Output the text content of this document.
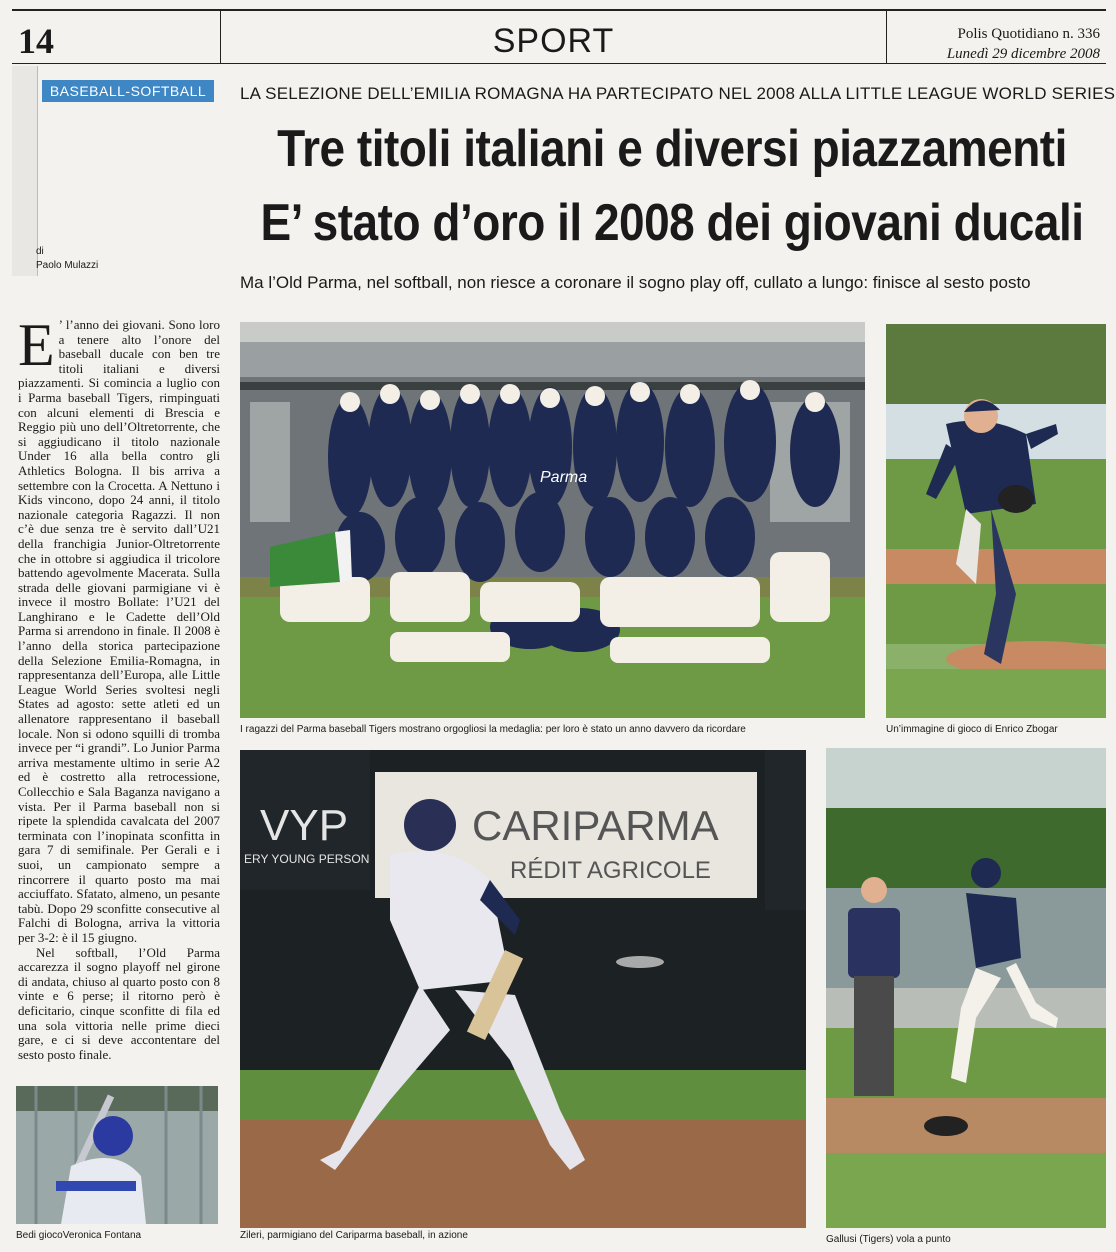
14	SPORT	Polis Quotidiano n. 336
Lunedì 29 dicembre 2008
BASEBALL-SOFTBALL
di
Paolo Mulazzi
LA SELEZIONE DELL’EMILIA ROMAGNA HA PARTECIPATO NEL 2008 ALLA LITTLE LEAGUE WORLD SERIES
Tre titoli italiani e diversi piazzamenti
E’ stato d’oro il 2008 dei giovani ducali
Ma l’Old Parma, nel softball, non riesce a coronare il sogno play off, cullato a lungo: finisce al sesto posto

E ’ l’anno dei giovani. Sono loro a tenere alto l’onore del baseball ducale con ben tre titoli italiani e diversi piazzamenti. Si comincia a luglio con i Parma baseball Tigers, rimpinguati con alcuni elementi di Brescia e Reggio più uno dell’Oltretorrente, che si aggiudicano il titolo nazionale Under 16 alla bella contro gli Athletics Bologna. Il bis arriva a settembre con la Crocetta. A Nettuno i Kids vincono, dopo 24 anni, il titolo nazionale categoria Ragazzi. Il non c’è due senza tre è servito dall’U21 della franchigia Junior-Oltretorrente che in ottobre si aggiudica il tricolore battendo agevolmente Macerata. Sulla strada delle giovani parmigiane vi è invece il mostro Bollate: l’U21 del Langhirano e le Cadette dell’Old Parma si arrendono in finale. Il 2008 è l’anno della storica partecipazione della Selezione Emilia-Romagna, in rappresentanza dell’Europa, alle Little League World Series svoltesi negli States ad agosto: sette atleti ed un allenatore rappresentano il baseball locale. Non si odono squilli di tromba invece per “i grandi”. Lo Junior Parma arriva mestamente ultimo in serie A2 ed è costretto alla retrocessione, Collecchio e Sala Baganza navigano a vista. Per il Parma baseball non si ripete la splendida cavalcata del 2007 terminata con l’inopinata sconfitta in gara 7 di semifinale. Per Gerali e i suoi, un campionato sempre a rincorrere il quarto posto ma mai acciuffato. Sfatato, almeno, un pesante tabù. Dopo 29 sconfitte consecutive al Falchi di Bologna, arriva la vittoria per 3-2: è il 15 giugno.

Nel softball, l’Old Parma accarezza il sogno playoff nel girone di andata, chiuso al quarto posto con 8 vinte e 6 perse; il ritorno però è deficitario, cinque sconfitte di fila ed una sola vittoria nelle prime dieci gare, e ci si deve accontentare del sesto posto finale.

Parma
I ragazzi del Parma baseball Tigers mostrano orgogliosi la medaglia: per loro è stato un anno davvero da ricordare	Un’immagine di gioco di Enrico Zbogar
VYP
ERY YOUNG PERSON
CARIPARMA
RÉDIT AGRICOLE
Zileri, parmigiano del Cariparma baseball, in azione	Gallusi (Tigers) vola a punto
Bedi giocoVeronica Fontana
